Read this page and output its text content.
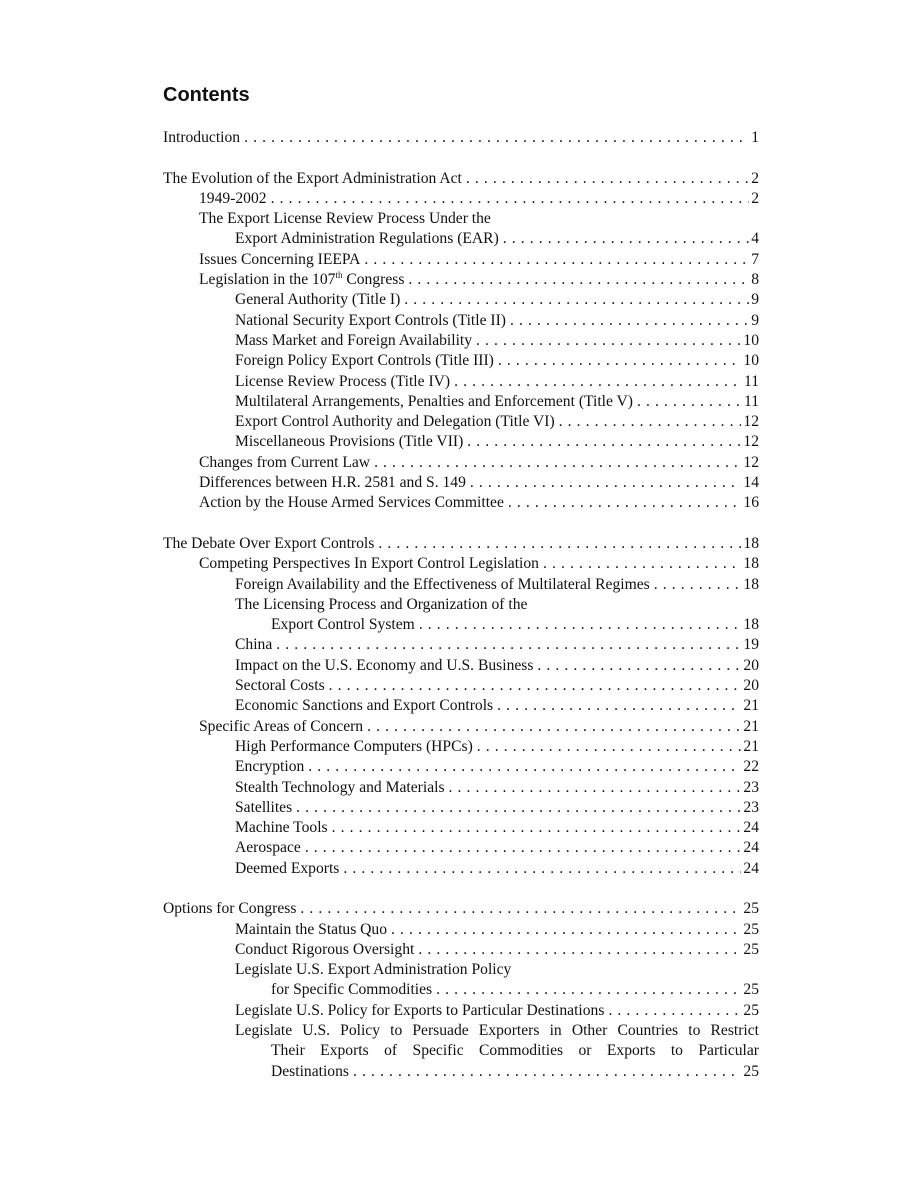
Contents
Introduction . . .	1
The Evolution of the Export Administration Act . . .	2
1949-2002 . . .	2
The Export License Review Process Under the
Export Administration Regulations (EAR) . . .	4
Issues Concerning IEEPA . . .	7
Legislation in the 107th Congress . . .	8
General Authority (Title I) . . .	9
National Security Export Controls (Title II) . . .	9
Mass Market and Foreign Availability . . .	10
Foreign Policy Export Controls (Title III) . . .	10
License Review Process (Title IV) . . .	11
Multilateral Arrangements, Penalties and Enforcement (Title V) . . .	11
Export Control Authority and Delegation (Title VI) . . .	12
Miscellaneous Provisions (Title VII) . . .	12
Changes from Current Law . . .	12
Differences between H.R. 2581 and S. 149 . . .	14
Action by the House Armed Services Committee . . .	16
The Debate Over Export Controls . . .	18
Competing Perspectives In Export Control Legislation . . .	18
Foreign Availability and the Effectiveness of Multilateral Regimes . . .	18
The Licensing Process and Organization of the
Export Control System . . .	18
China . . .	19
Impact on the U.S. Economy and U.S. Business . . .	20
Sectoral Costs . . .	20
Economic Sanctions and Export Controls . . .	21
Specific Areas of Concern . . .	21
High Performance Computers (HPCs) . . .	21
Encryption . . .	22
Stealth Technology and Materials . . .	23
Satellites . . .	23
Machine Tools . . .	24
Aerospace . . .	24
Deemed Exports . . .	24
Options for Congress . . .	25
Maintain the Status Quo . . .	25
Conduct Rigorous Oversight . . .	25
Legislate U.S. Export Administration Policy
for Specific Commodities . . .	25
Legislate U.S. Policy for Exports to Particular Destinations . . .	25
Legislate U.S. Policy to Persuade Exporters in Other Countries to Restrict
Their Exports of Specific Commodities or Exports to Particular
Destinations . . .	25
